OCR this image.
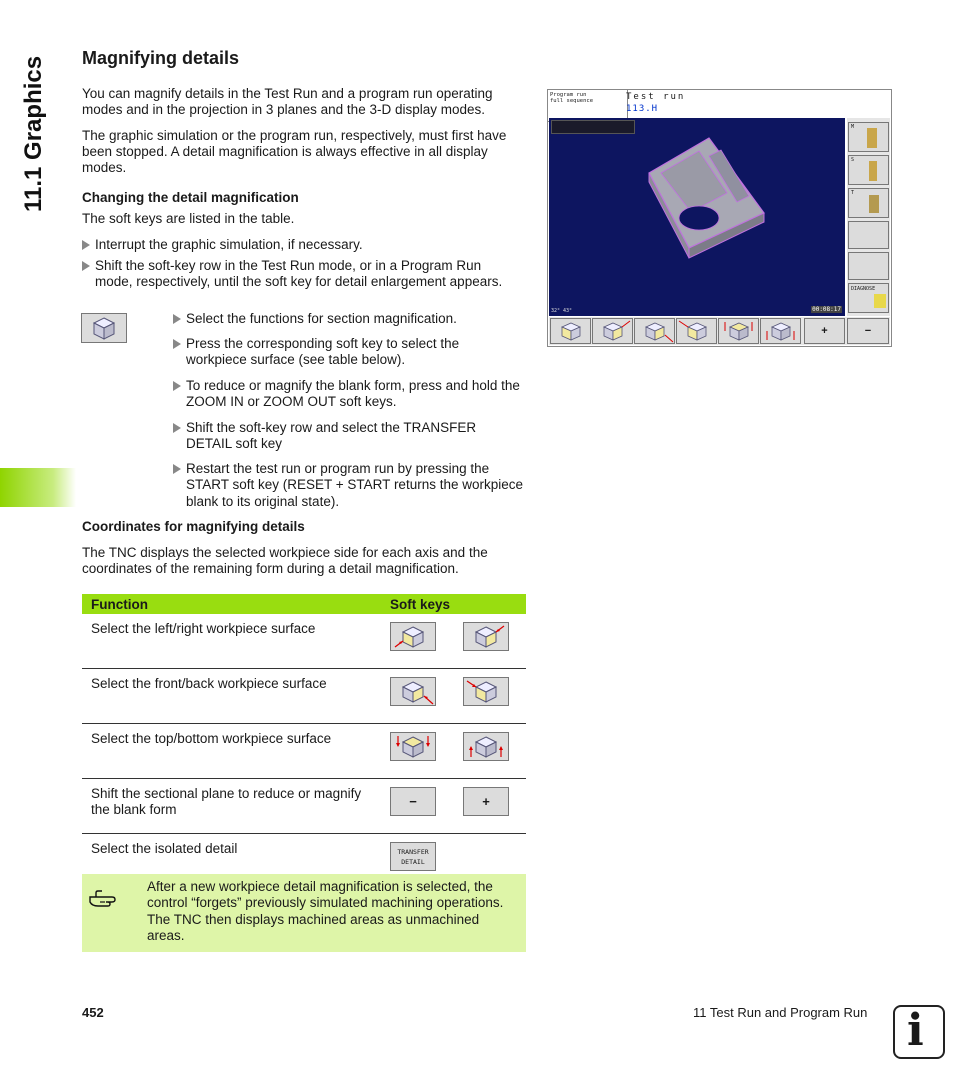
11.1 Graphics Magnifying details

You can magnify details in the Test Run and a program run operating modes and in the projection in 3 planes and the 3-D display modes.

The graphic simulation or the program run, respectively, must first have been stopped. A detail magnification is always effective in all display modes.

Changing the detail magnification

The soft keys are listed in the table.

Interrupt the graphic simulation, if necessary.
Shift the soft-key row in the Test Run mode, or in a Program Run mode, respectively, until the soft key for detail enlargement appears.
Select the functions for section magnification.
Press the corresponding soft key to select the workpiece surface (see table below).
To reduce or magnify the blank form, press and hold the ZOOM IN or ZOOM OUT soft keys.
Shift the soft-key row and select the TRANSFER DETAIL soft key
Restart the test run or program run by pressing the START soft key (RESET + START returns the workpiece blank to its original state).
Coordinates for magnifying details

The TNC displays the selected workpiece side for each axis and the coordinates of the remaining form during a detail magnification.

Function	Soft keys
Select the left/right workpiece surface	

Select the front/back workpiece surface	

Select the top/bottom workpiece surface	

Shift the sectional plane to reduce or magnify the blank form	− +

Select the isolated detail	TRANSFER
DETAIL
After a new workpiece detail magnification is selected, the control “forgets” previously simulated machining operations. The TNC then displays machined areas as unmachined areas.
452	11 Test Run and Program Run i
Program run
full sequence	Test run
113.H
32° 43°	00:08:17
M
S
T
DIAGNOSE
+	−
